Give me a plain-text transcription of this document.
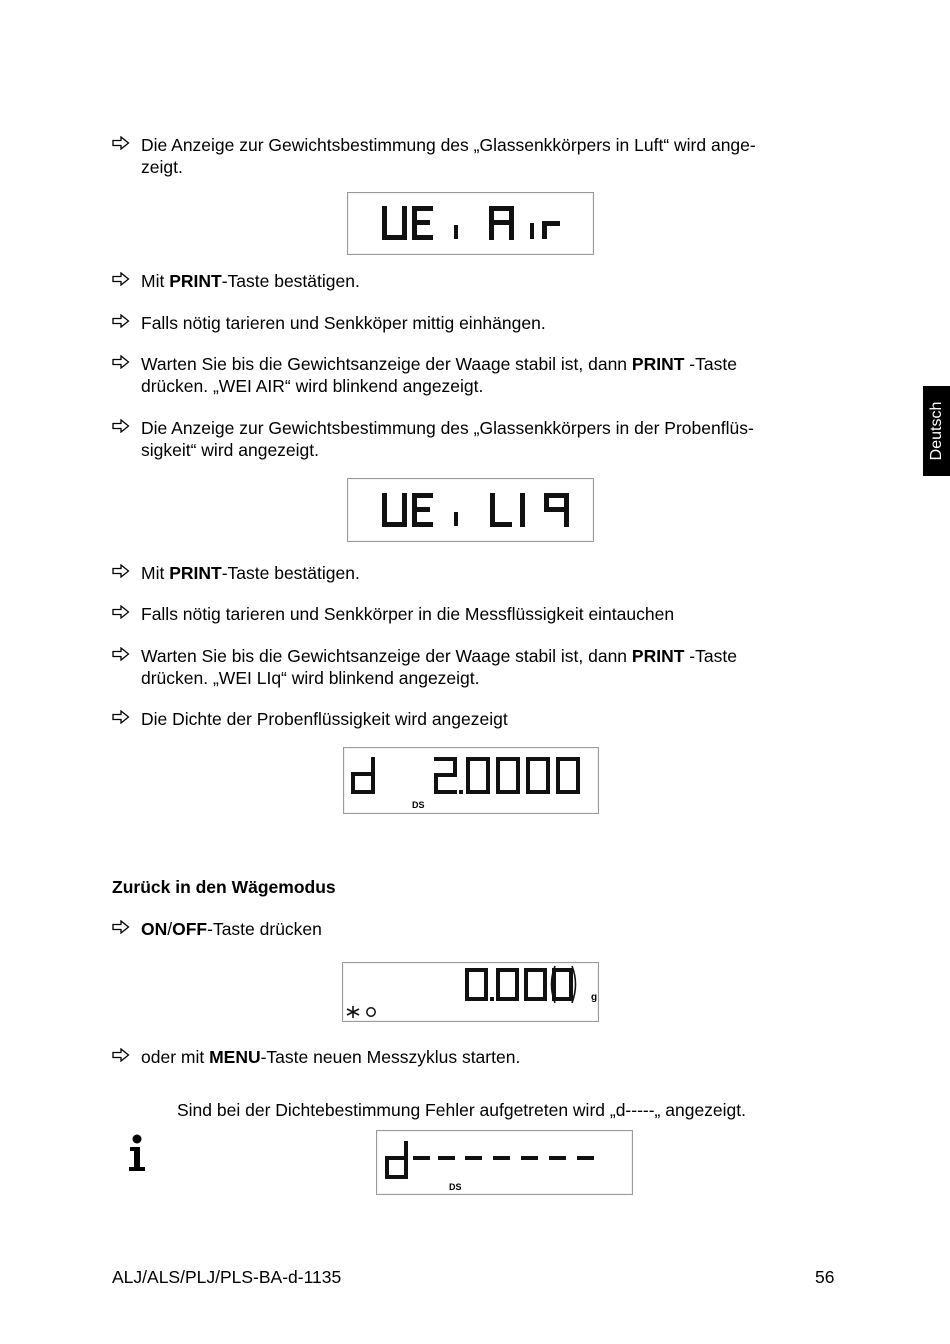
Deutsch
Die Anzeige zur Gewichtsbestimmung des „Glassenkkörpers in Luft“ wird ange-
zeigt.
Mit PRINT-Taste bestätigen.
Falls nötig tarieren und Senkköper mittig einhängen.
Warten Sie bis die Gewichtsanzeige der Waage stabil ist, dann PRINT -Taste
drücken. „WEI AIR“ wird blinkend angezeigt.
Die Anzeige zur Gewichtsbestimmung des „Glassenkkörpers in der Probenflüs-
sigkeit“ wird angezeigt.
Mit PRINT-Taste bestätigen.
Falls nötig tarieren und Senkkörper in die Messflüssigkeit eintauchen
Warten Sie bis die Gewichtsanzeige der Waage stabil ist, dann PRINT -Taste
drücken. „WEI LIq“ wird blinkend angezeigt.
Die Dichte der Probenflüssigkeit wird angezeigt
DS
Zurück in den Wägemodus
ON/OFF-Taste drücken
g
oder mit MENU-Taste neuen Messzyklus starten.
Sind bei der Dichtebestimmung Fehler aufgetreten wird „d-----„ angezeigt.
DS
ALJ/ALS/PLJ/PLS-BA-d-1135	56
